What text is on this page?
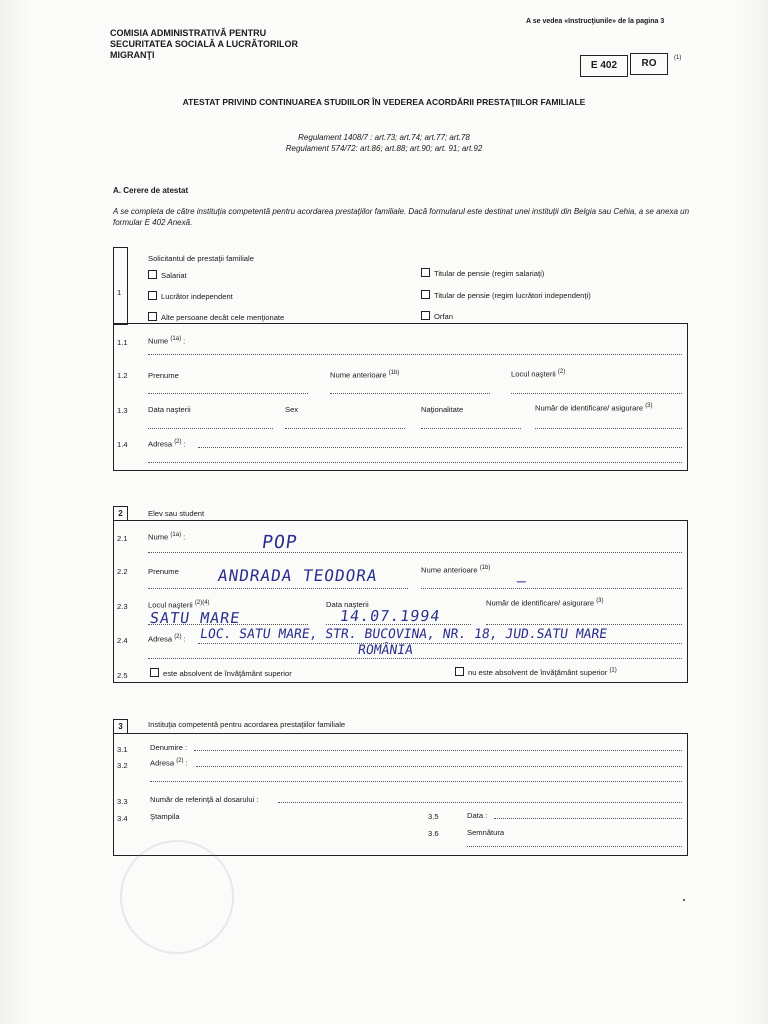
COMISIA ADMINISTRATIVĂ PENTRU SECURITATEA SOCIALĂ A LUCRĂTORILOR MIGRANŢI
A se vedea «Instrucţiunile» de la pagina 3
E 402	RO	(1)
ATESTAT PRIVIND CONTINUAREA STUDIILOR ÎN VEDEREA ACORDĂRII PRESTAŢIILOR FAMILIALE
Regulament 1408/7 : art.73; art.74; art.77; art.78
Regulament 574/72: art.86; art.88; art.90; art. 91; art.92
A. Cerere de atestat
A se completa de către instituţia competentă pentru acordarea prestaţiilor familiale. Dacă formularul este destinat unei instituţii din Belgia sau Cehia, a se anexa un formular E 402 Anexă.
1
Solicitantul de prestaţii familiale
Salariat
Lucrător independent
Alte persoane decât cele menţionate
Titular de pensie (regim salariaţi)
Titular de pensie (regim lucrători independenţi)
Orfan
1.1	Nume $^{(1a)}$ :
1.2	Prenume	Nume anterioare $^{(1b)}$	Locul naşterii $^{(2)}$
1.3	Data naşterii	Sex	Naţionalitate	Număr de identificare/ asigurare $^{(3)}$
1.4	Adresa $^{(2)}$ :
2	Elev sau student
2.1	Nume $^{(1a)}$ :	POP
2.2	Prenume ANDRADA TEODORA	Nume anterioare $^{(1b)}$
–
2.3	Locul naşterii $^{(2)(4)}$	Data naşterii	Număr de identificare/ asigurare $^{(3)}$
SATU MARE	14.07.1994
2.4	Adresa $^{(2)}$ : LOC. SATU MARE, STR. BUCOVINA, NR. 18, JUD.SATU MARE
ROMÂNIA
2.5	este absolvent de învăţământ superior	nu este absolvent de învăţământ superior $^{(1)}$
3	Instituţia competentă pentru acordarea prestaţiilor familiale
3.1	Denumire :
3.2	Adresa $^{(2)}$ :
3.3	Număr de referinţă al dosarului :
3.4	Ştampila	3.5	Data :
3.6	Semnătura
